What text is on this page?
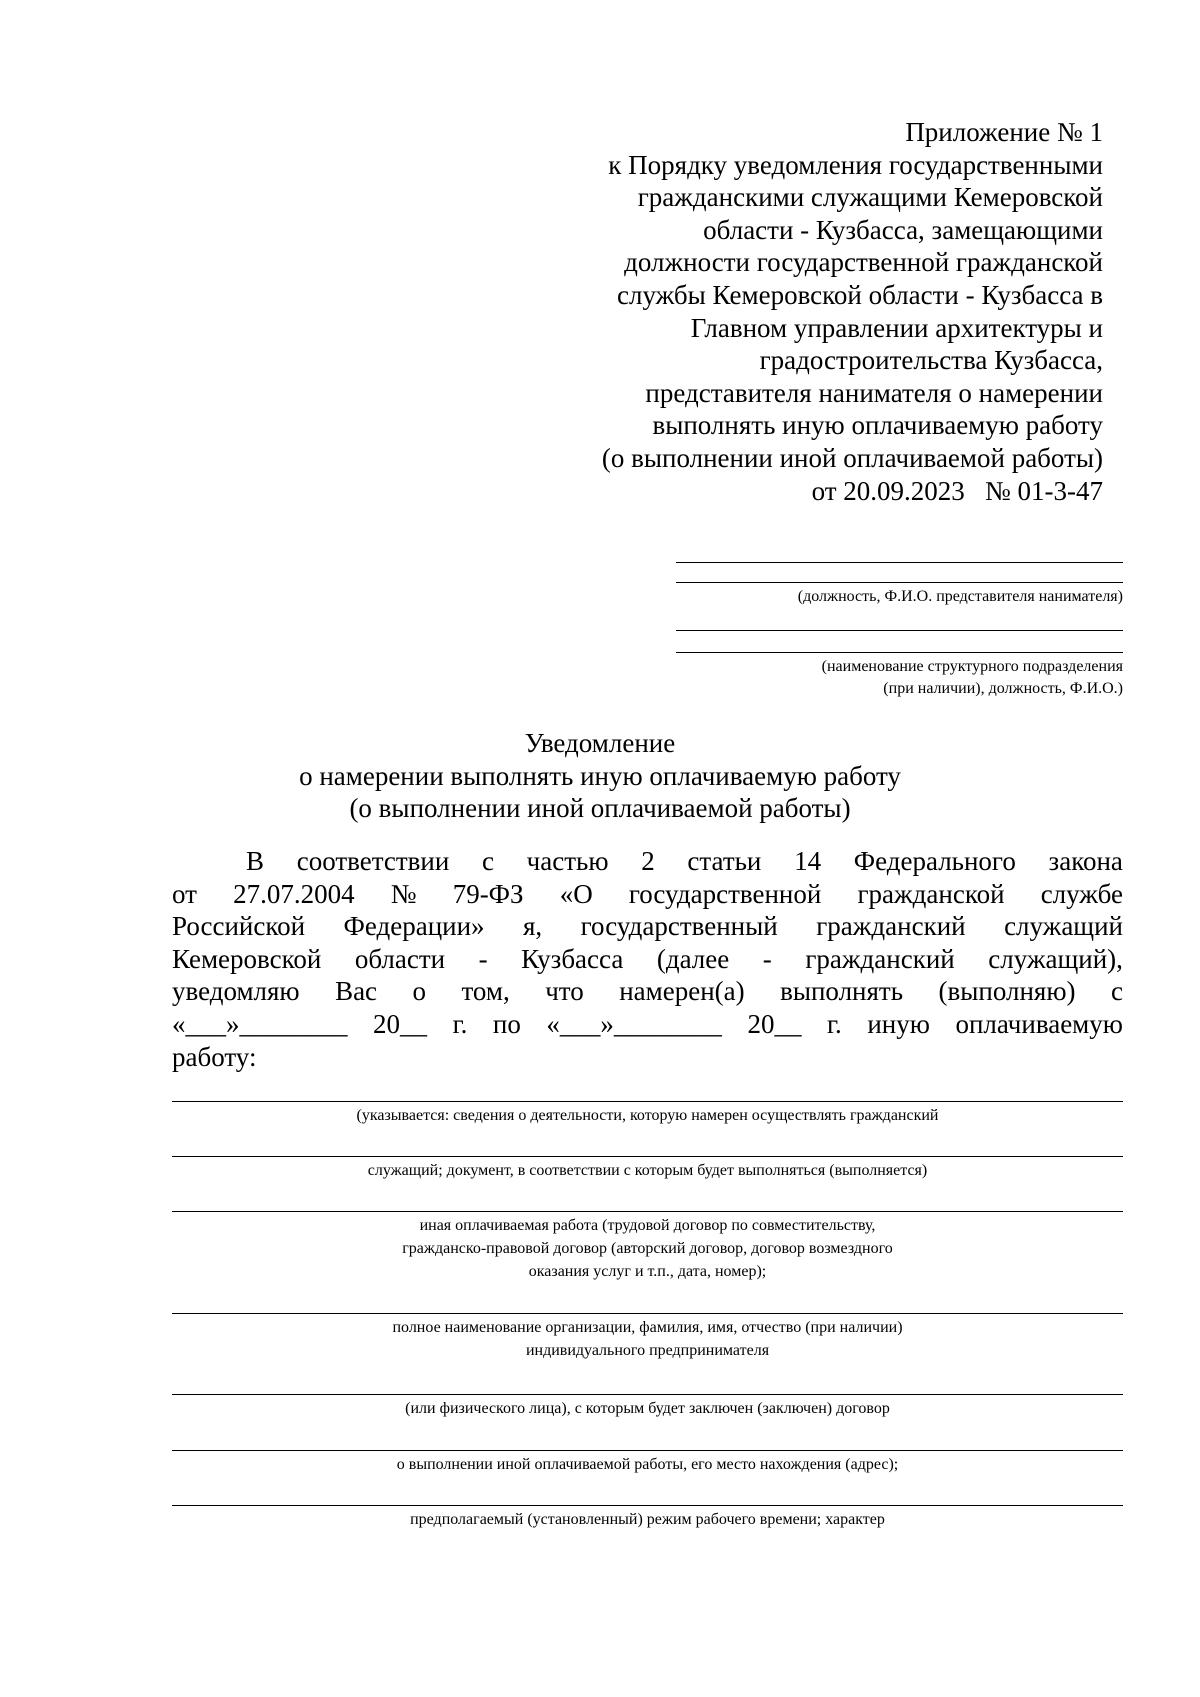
Приложение № 1
к Порядку уведомления государственными
гражданскими служащими Кемеровской
области - Кузбасса, замещающими
должности государственной гражданской
службы Кемеровской области - Кузбасса в
Главном управлении архитектуры и
градостроительства Кузбасса,
представителя нанимателя о намерении
выполнять иную оплачиваемую работу
(о выполнении иной оплачиваемой работы)
от 20.09.2023   № 01-3-47
(должность, Ф.И.О. представителя нанимателя)
(наименование структурного подразделения
(при наличии), должность, Ф.И.О.)
Уведомление
о намерении выполнять иную оплачиваемую работу
(о выполнении иной оплачиваемой работы)
В соответствии с частью 2 статьи 14 Федерального закона
от 27.07.2004 № 79-ФЗ «О государственной гражданской службе
Российской Федерации» я, государственный гражданский служащий
Кемеровской области - Кузбасса (далее - гражданский служащий),
уведомляю Вас о том, что намерен(а) выполнять (выполняю) с
«___»________ 20__ г. по «___»________ 20__ г. иную оплачиваемую
работу:
(указывается: сведения о деятельности, которую намерен осуществлять гражданский
служащий; документ, в соответствии с которым будет выполняться (выполняется)
иная оплачиваемая работа (трудовой договор по совместительству,
гражданско-правовой договор (авторский договор, договор возмездного
оказания услуг и т.п., дата, номер);
полное наименование организации, фамилия, имя, отчество (при наличии)
индивидуального предпринимателя
(или физического лица), с которым будет заключен (заключен) договор
о выполнении иной оплачиваемой работы, его место нахождения (адрес);
предполагаемый (установленный) режим рабочего времени; характер
